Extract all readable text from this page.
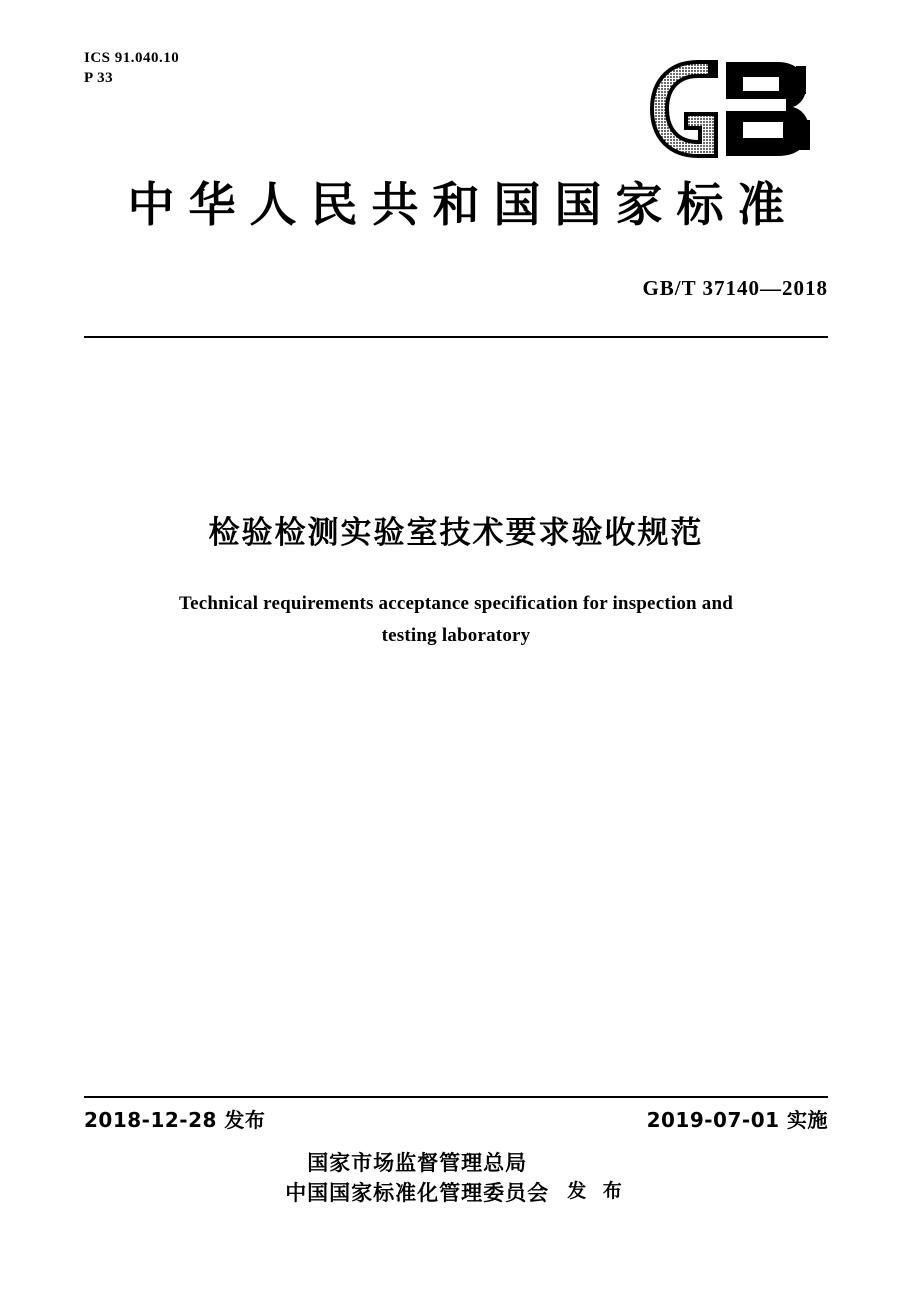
ICS 91.040.10
P 33
中华人民共和国国家标准
GB/T 37140—2018
检验检测实验室技术要求验收规范
Technical requirements acceptance specification for inspection and
testing laboratory
2018-12-28 发布	2019-07-01 实施
国家市场监督管理总局
中国国家标准化管理委员会 发 布
